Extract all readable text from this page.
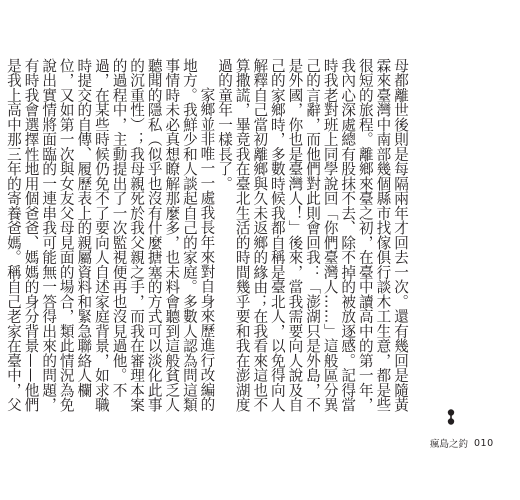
母都離世後則是每隔兩年才回去一次。還有幾回是隨黃霖來臺灣中南部幾個縣市找傢俱行談木工生意，都是些很短的旅程。離鄉來臺之初，在臺中讀高中的第一年，我內心深處總有股抹不去、除不掉的被放逐感。記得當時我老對班上同學說回「你們臺灣人……」這般區分異己的言辭，而他們對此則會回我：「澎湖只是外島，不是外國，你也是臺灣人！」後來，當我需要向人說及自己的家鄉時，多數時候我都自稱是臺北人，以免得向人解釋自己當初離鄉與久未返鄉的緣由；在我看來這也不算撒謊，畢竟我在臺北生活的時間幾乎要和我在澎湖度過的童年一樣長了。

家鄉並非唯一一處我長年來對自身來歷進行改編的地方。我鮮少和人談起自己的家庭。多數人認為問這類事情時未必真想瞭解那麼多，也未料會聽到這般貧乏人聽聞的隱私（似乎也沒有什麼搪塞的方式可以淡化此事的沉重性）；我母親死於我父親之手，而我在審理本案的過程中，主動提出了一次監視便再也沒見過他。不過，在某些時候仍免不了要向人自述家庭背景，如求職時提交的自傳、履歷表上的親屬資料和緊急聯絡人欄位，又如第一次與女友父母見面的場合，類此情況為免說出實情將面臨的一連串我可能無一答得出來的問題，有時我會選擇性地用個爸爸、媽媽的身分背景——他們是我上高中那三年的寄養爸媽。稱自己老家在臺中，父

瘋島之釣 010
